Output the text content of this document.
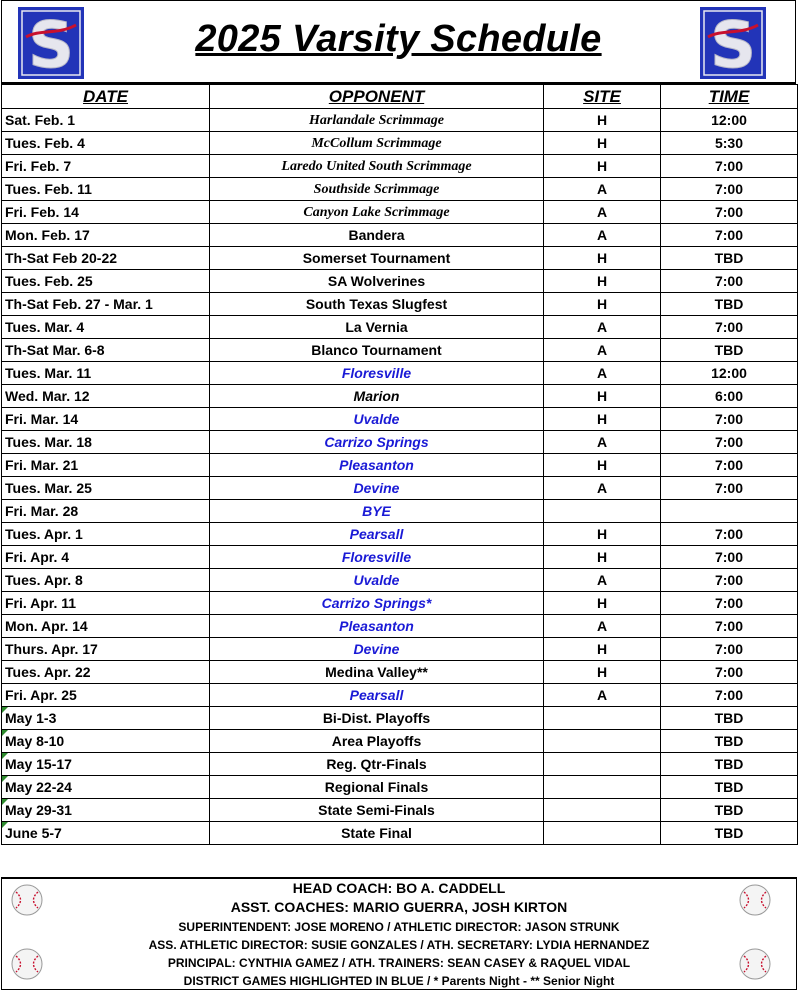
S	2025 Varsity Schedule	S
DATE	OPPONENT	SITE	TIME
Sat. Feb. 1	Harlandale Scrimmage	H	12:00
Tues. Feb. 4	McCollum Scrimmage	H	5:30
Fri. Feb. 7	Laredo United South Scrimmage	H	7:00
Tues. Feb. 11	Southside Scrimmage	A	7:00
Fri. Feb. 14	Canyon Lake Scrimmage	A	7:00
Mon. Feb. 17	Bandera	A	7:00
Th-Sat Feb 20-22	Somerset Tournament	H	TBD
Tues. Feb. 25	SA Wolverines	H	7:00
Th-Sat Feb. 27 - Mar. 1	South Texas Slugfest	H	TBD
Tues. Mar. 4	La Vernia	A	7:00
Th-Sat Mar. 6-8	Blanco Tournament	A	TBD
Tues. Mar. 11	Floresville	A	12:00
Wed. Mar. 12	Marion	H	6:00
Fri. Mar. 14	Uvalde	H	7:00
Tues. Mar. 18	Carrizo Springs	A	7:00
Fri. Mar. 21	Pleasanton	H	7:00
Tues. Mar. 25	Devine	A	7:00
Fri. Mar. 28	BYE		
Tues. Apr. 1	Pearsall	H	7:00
Fri. Apr. 4	Floresville	H	7:00
Tues. Apr. 8	Uvalde	A	7:00
Fri. Apr. 11	Carrizo Springs*	H	7:00
Mon. Apr. 14	Pleasanton	A	7:00
Thurs. Apr. 17	Devine	H	7:00
Tues. Apr. 22	Medina Valley**	H	7:00
Fri. Apr. 25	Pearsall	A	7:00

May 1-3	Bi-Dist. Playoffs		TBD

May 8-10	Area Playoffs		TBD

May 15-17	Reg. Qtr-Finals		TBD

May 22-24	Regional Finals		TBD

May 29-31	State Semi-Finals		TBD

June 5-7	State Final		TBD
HEAD COACH: BO A. CADDELL
ASST. COACHES: MARIO GUERRA, JOSH KIRTON
SUPERINTENDENT: JOSE MORENO / ATHLETIC DIRECTOR: JASON STRUNK
ASS. ATHLETIC DIRECTOR: SUSIE GONZALES / ATH. SECRETARY: LYDIA HERNANDEZ
PRINCIPAL: CYNTHIA GAMEZ / ATH. TRAINERS: SEAN CASEY & RAQUEL VIDAL
DISTRICT GAMES HIGHLIGHTED IN BLUE / * Parents Night - ** Senior Night
